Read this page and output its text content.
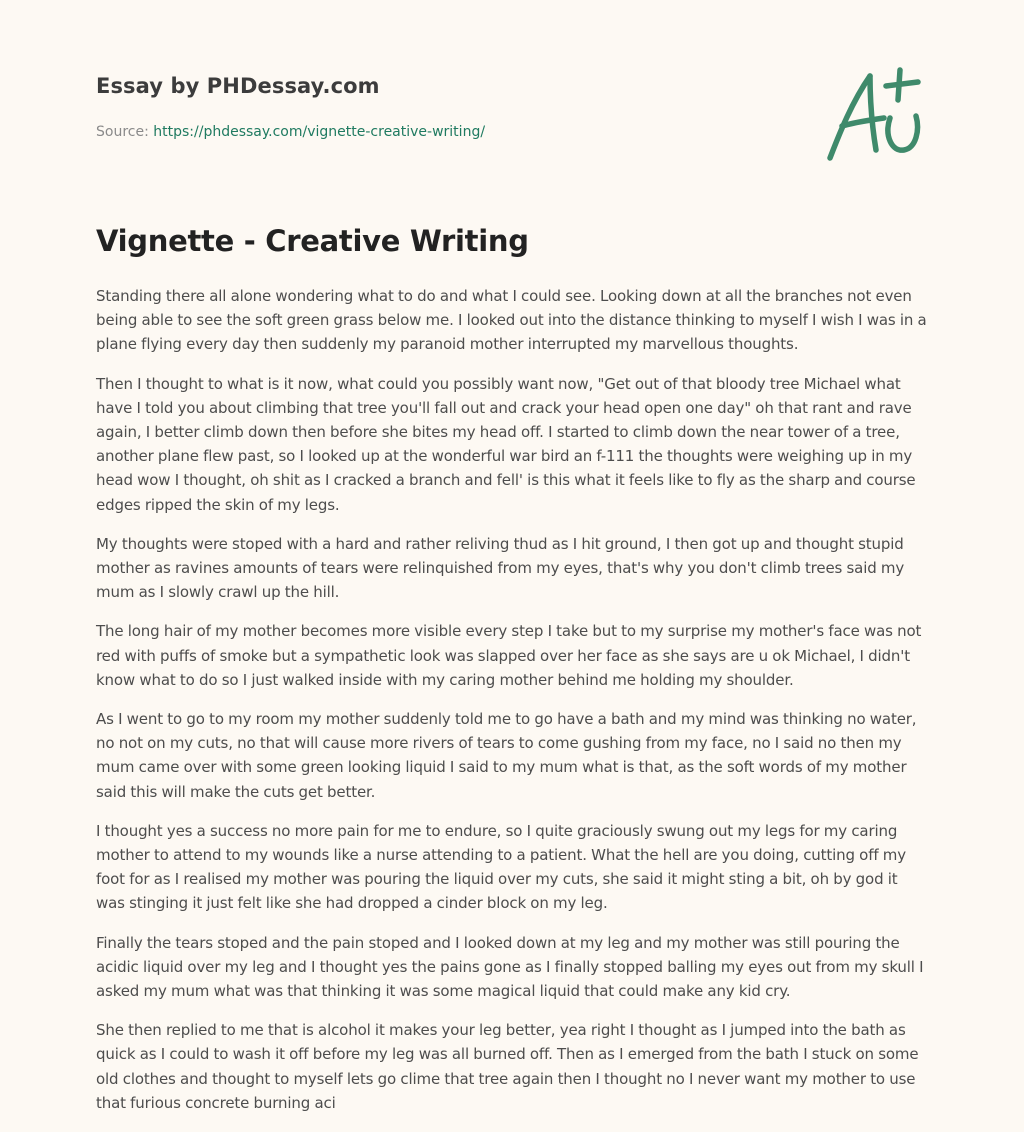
Essay by PHDessay.com
Source: https://phdessay.com/vignette-creative-writing/
Vignette - Creative Writing

Standing there all alone wondering what to do and what I could see. Looking down at all the branches not even being able to see the soft green grass below me. I looked out into the distance thinking to myself I wish I was in a plane flying every day then suddenly my paranoid mother interrupted my marvellous thoughts.

Then I thought to what is it now, what could you possibly want now, "Get out of that bloody tree Michael what have I told you about climbing that tree you'll fall out and crack your head open one day" oh that rant and rave again, I better climb down then before she bites my head off. I started to climb down the near tower of a tree, another plane flew past, so I looked up at the wonderful war bird an f-111 the thoughts were weighing up in my head wow I thought, oh shit as I cracked a branch and fell' is this what it feels like to fly as the sharp and course edges ripped the skin of my legs.

My thoughts were stoped with a hard and rather reliving thud as I hit ground, I then got up and thought stupid mother as ravines amounts of tears were relinquished from my eyes, that's why you don't climb trees said my mum as I slowly crawl up the hill.

The long hair of my mother becomes more visible every step I take but to my surprise my mother's face was not red with puffs of smoke but a sympathetic look was slapped over her face as she says are u ok Michael, I didn't know what to do so I just walked inside with my caring mother behind me holding my shoulder.

As I went to go to my room my mother suddenly told me to go have a bath and my mind was thinking no water, no not on my cuts, no that will cause more rivers of tears to come gushing from my face, no I said no then my mum came over with some green looking liquid I said to my mum what is that, as the soft words of my mother said this will make the cuts get better.

I thought yes a success no more pain for me to endure, so I quite graciously swung out my legs for my caring mother to attend to my wounds like a nurse attending to a patient. What the hell are you doing, cutting off my foot for as I realised my mother was pouring the liquid over my cuts, she said it might sting a bit, oh by god it was stinging it just felt like she had dropped a cinder block on my leg.

Finally the tears stoped and the pain stoped and I looked down at my leg and my mother was still pouring the acidic liquid over my leg and I thought yes the pains gone as I finally stopped balling my eyes out from my skull I asked my mum what was that thinking it was some magical liquid that could make any kid cry.

She then replied to me that is alcohol it makes your leg better, yea right I thought as I jumped into the bath as quick as I could to wash it off before my leg was all burned off. Then as I emerged from the bath I stuck on some old clothes and thought to myself lets go clime that tree again then I thought no I never want my mother to use that furious concrete burning aci
